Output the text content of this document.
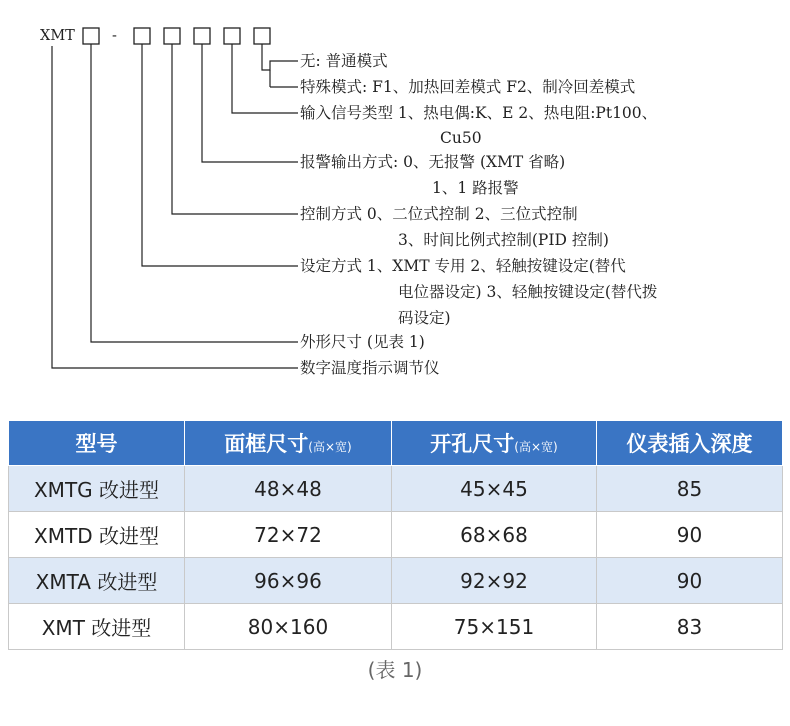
XMT	-
无: 普通模式
特殊模式: F1、加热回差模式 F2、制冷回差模式
输入信号类型 1、热电偶:K、E 2、热电阻:Pt100、
Cu50
报警输出方式: 0、无报警 (XMT 省略)
1、1 路报警
控制方式 0、二位式控制 2、三位式控制
3、时间比例式控制(PID 控制)
设定方式 1、XMT 专用 2、轻触按键设定(替代
电位器设定) 3、轻触按键设定(替代拨
码设定)
外形尺寸 (见表 1)
数字温度指示调节仪
型号	面框尺寸(高×宽)	开孔尺寸(高×宽)	仪表插入深度
XMTG 改进型	48×48	45×45	85
XMTD 改进型	72×72	68×68	90
XMTA 改进型	96×96	92×92	90
XMT 改进型	80×160	75×151	83
(表 1)
